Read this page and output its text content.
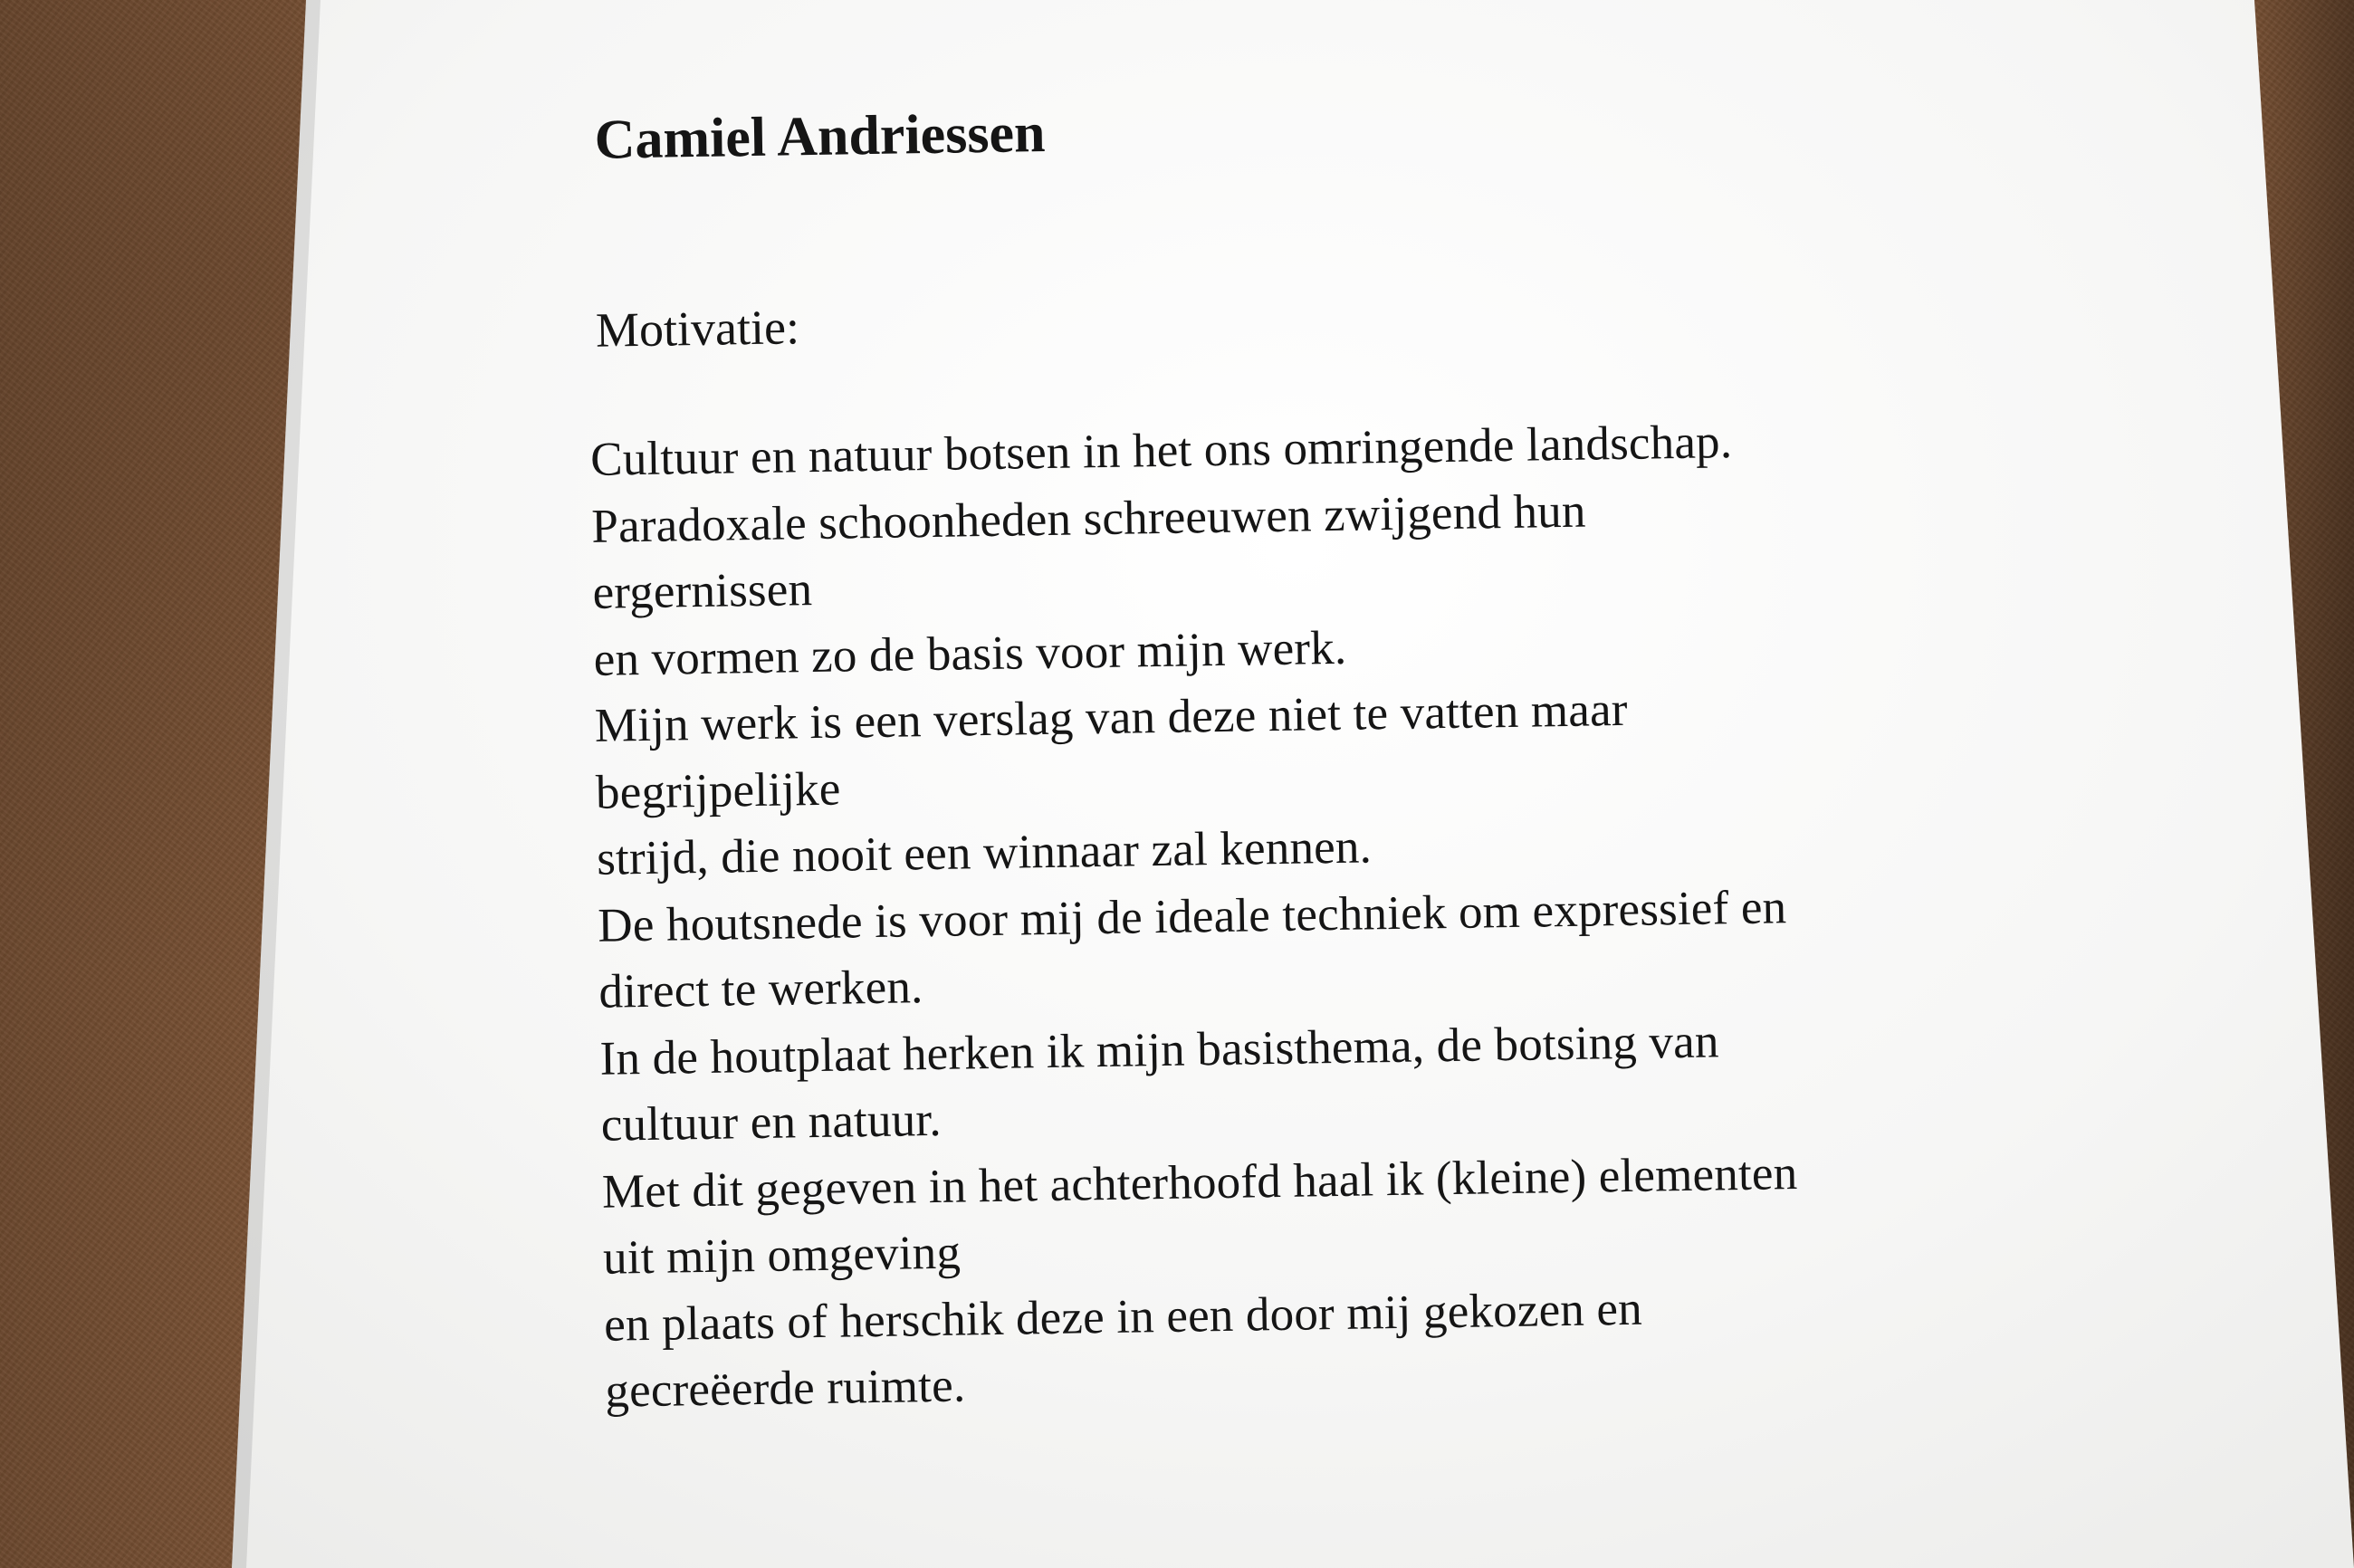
Camiel Andriessen
Motivatie:
Cultuur en natuur botsen in het ons omringende landschap.
Paradoxale schoonheden schreeuwen zwijgend hun
ergernissen
en vormen zo de basis voor mijn werk.
Mijn werk is een verslag van deze niet te vatten maar
begrijpelijke
strijd, die nooit een winnaar zal kennen.
De houtsnede is voor mij de ideale techniek om expressief en
direct te werken.
In de houtplaat herken ik mijn basisthema, de botsing van
cultuur en natuur.
Met dit gegeven in het achterhoofd haal ik (kleine) elementen
uit mijn omgeving
en plaats of herschik deze in een door mij gekozen en
gecreëerde ruimte.
